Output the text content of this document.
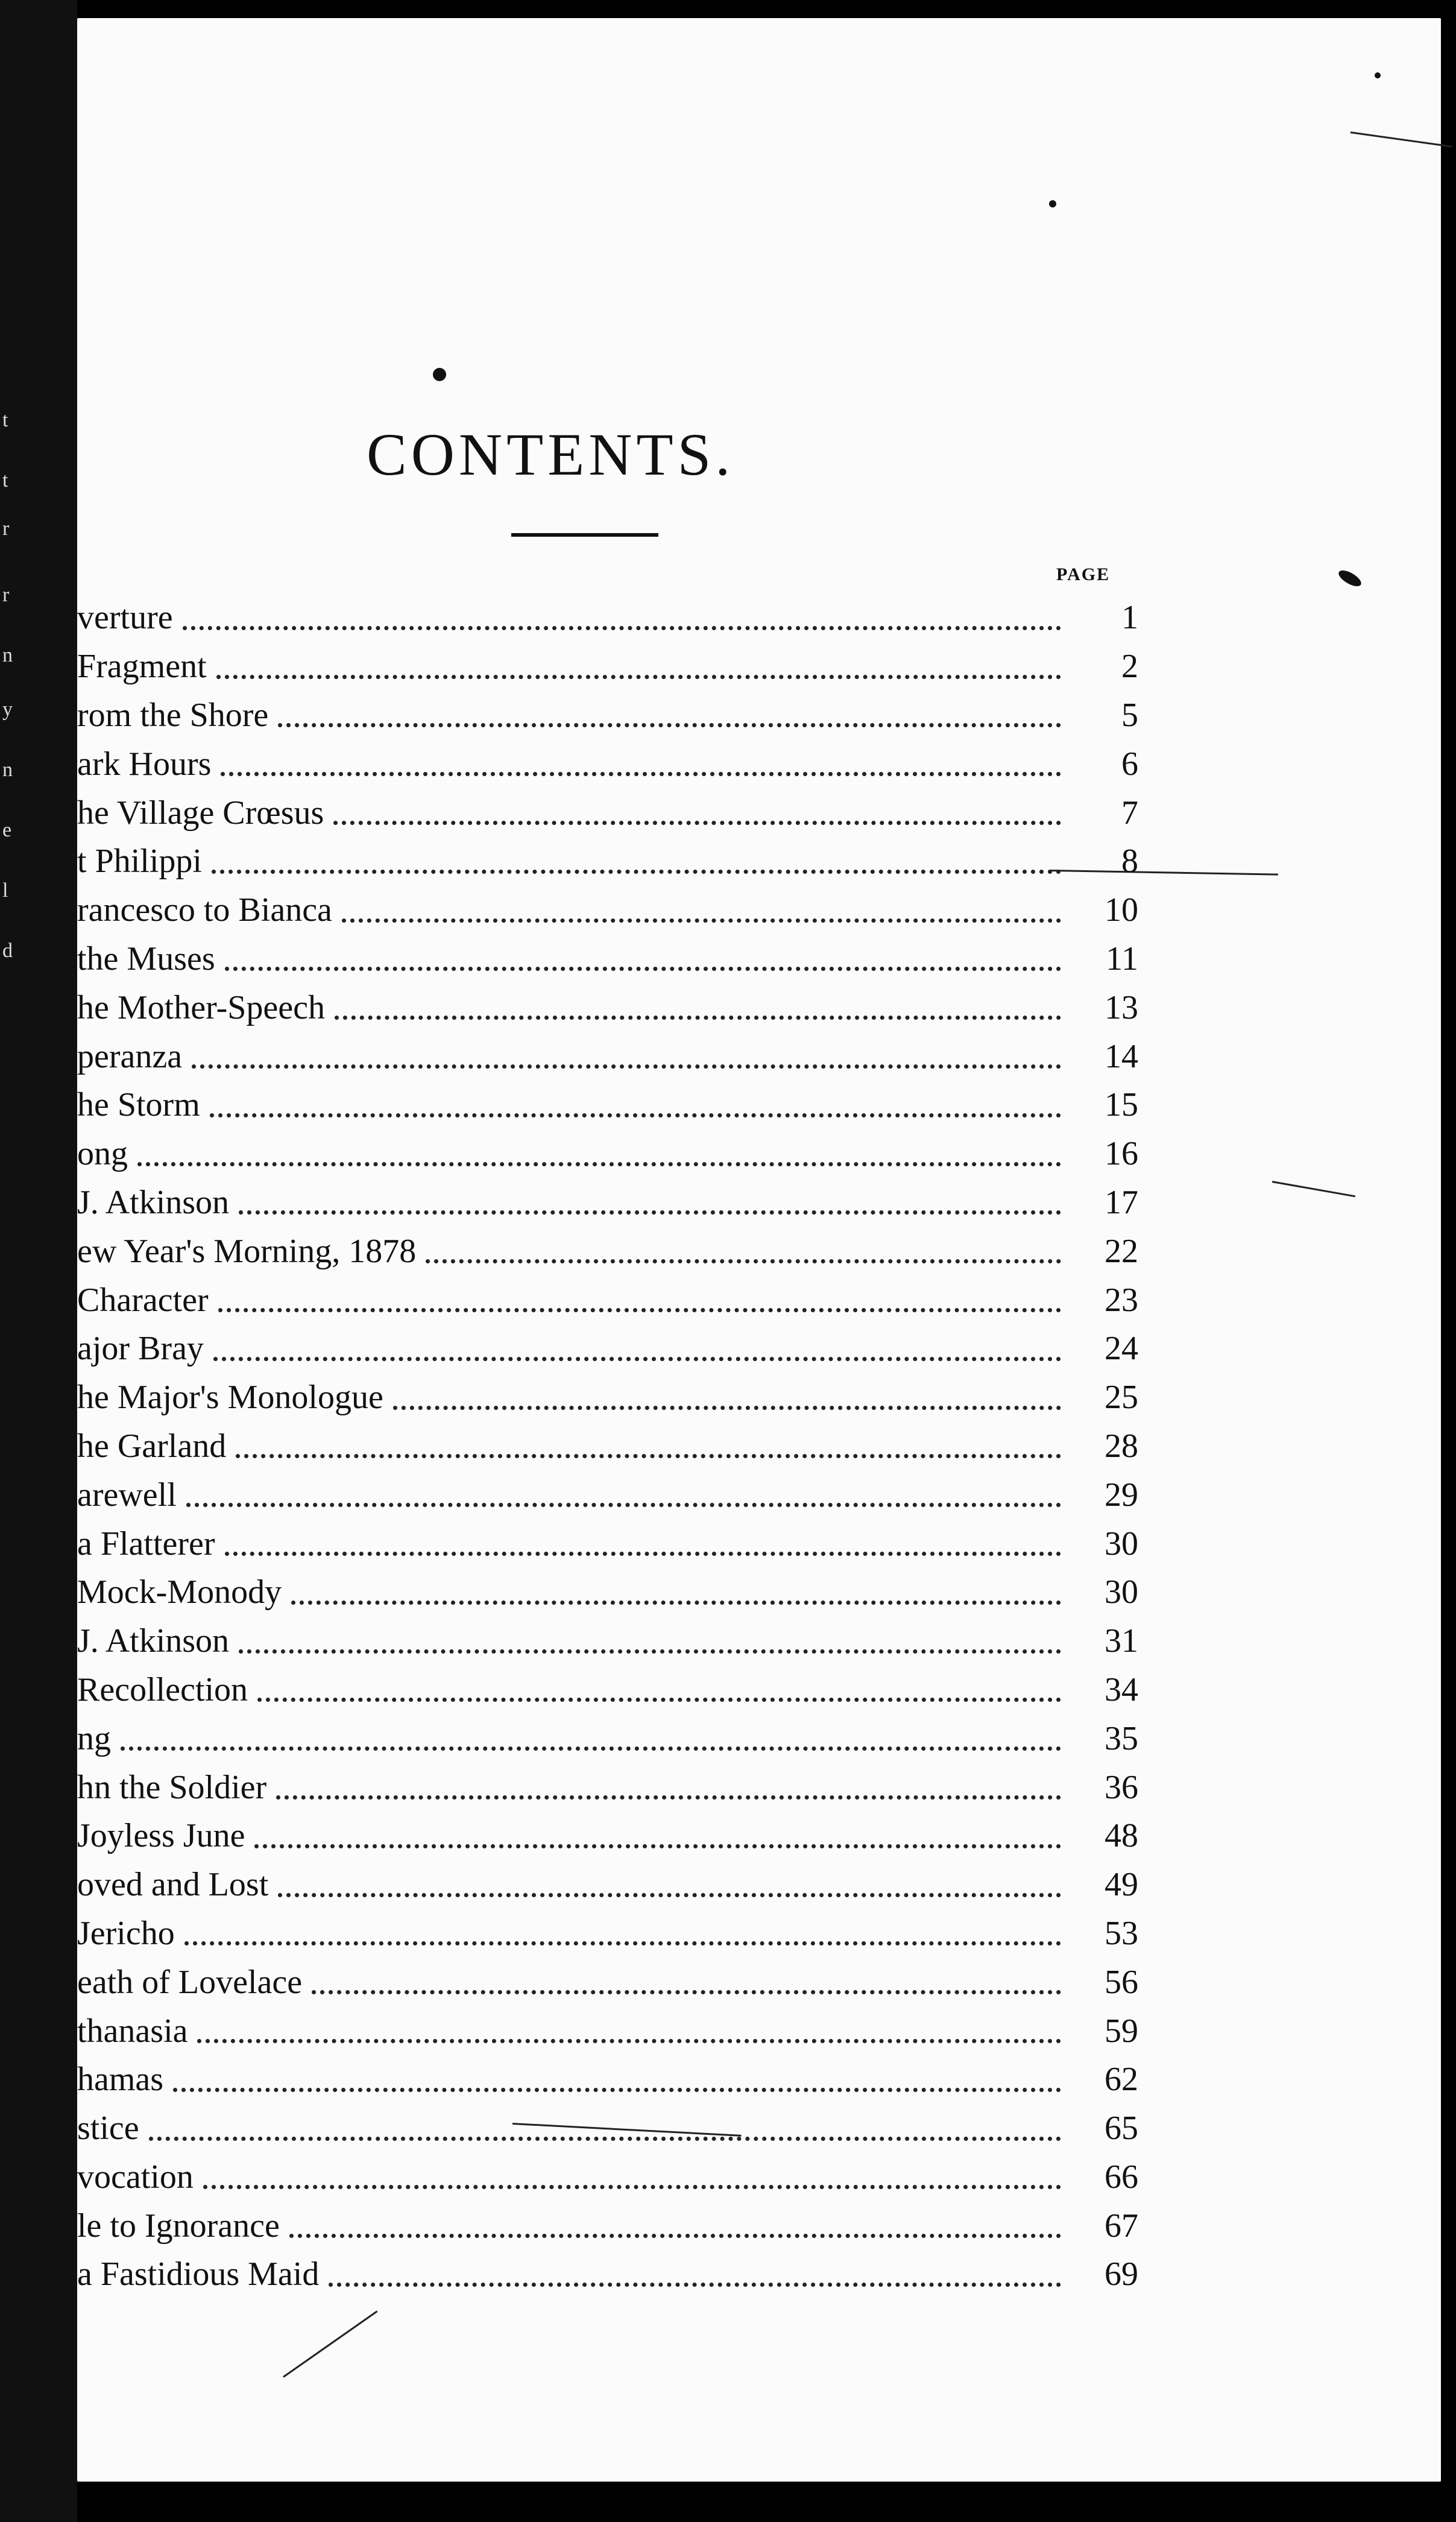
t
t
r
r
n
y
n
e
l
d
CONTENTS.
PAGE
verture	1
Fragment	2
rom the Shore	5
ark Hours	6
he Village Crœsus	7
t Philippi	8
rancesco to Bianca	10
the Muses	11
he Mother-Speech	13
peranza	14
he Storm	15
ong	16
J. Atkinson	17
ew Year's Morning, 1878	22
Character	23
ajor Bray	24
he Major's Monologue	25
he Garland	28
arewell	29
a Flatterer	30
Mock-Monody	30
J. Atkinson	31
Recollection	34
ng	35
hn the Soldier	36
Joyless June	48
oved and Lost	49
Jericho	53
eath of Lovelace	56
thanasia	59
hamas	62
stice	65
vocation	66
le to Ignorance	67
a Fastidious Maid	69
